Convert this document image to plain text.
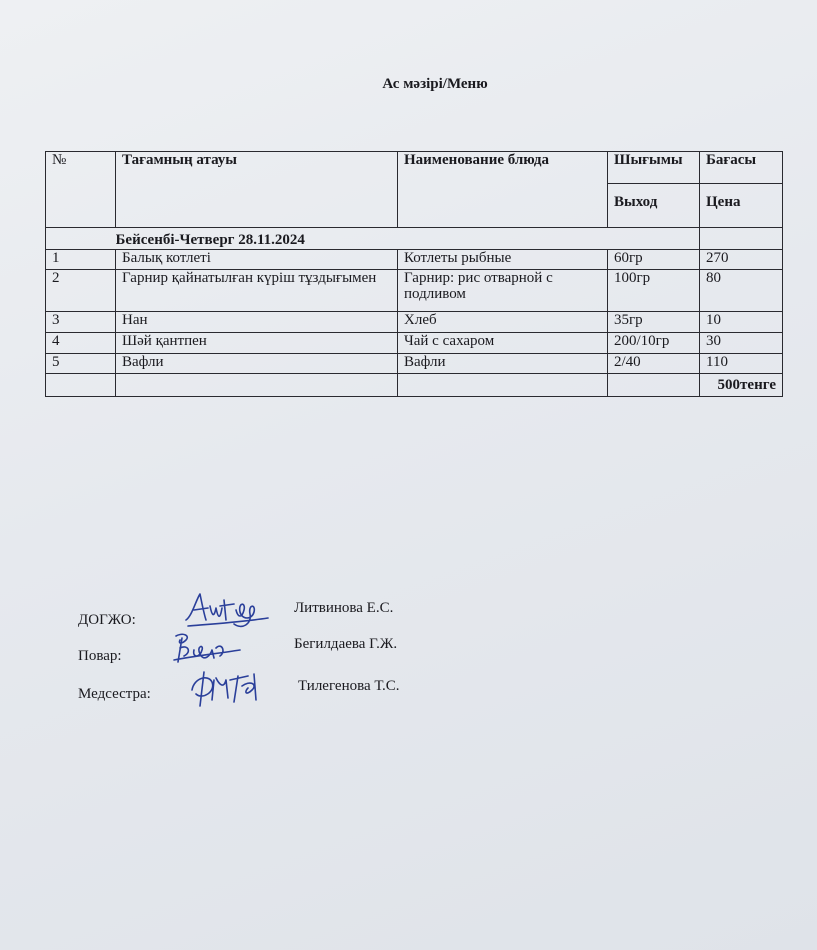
Ас мәзірі/Меню
№	Тағамның атауы	Наименование блюда	Шығымы	Бағасы
			Выход	Цена
	Бейсенбі-Четверг 28.11.2024			
1	Балық котлеті	Котлеты рыбные	60гр	270
2	Гарнир қайнатылған күріш тұздығымен	Гарнир: рис отварной с подливом	100гр	80
3	Нан	Хлеб	35гр	10
4	Шәй қантпен	Чай с сахаром	200/10гр	30
5	Вафли	Вафли	2/40	110
				500тенге
ДОГЖО:
Литвинова Е.С.
Повар:
Бегилдаева Г.Ж.
Медсестра:	Тилегенова Т.С.
